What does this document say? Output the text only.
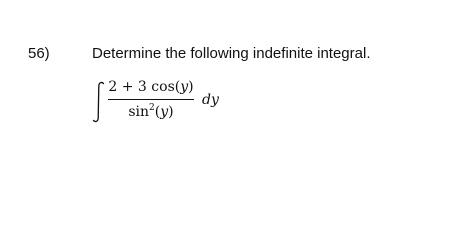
56)	Determine the following indefinite integral.
2 + 3 cos(y)
$\sin^2(y)$
dy
